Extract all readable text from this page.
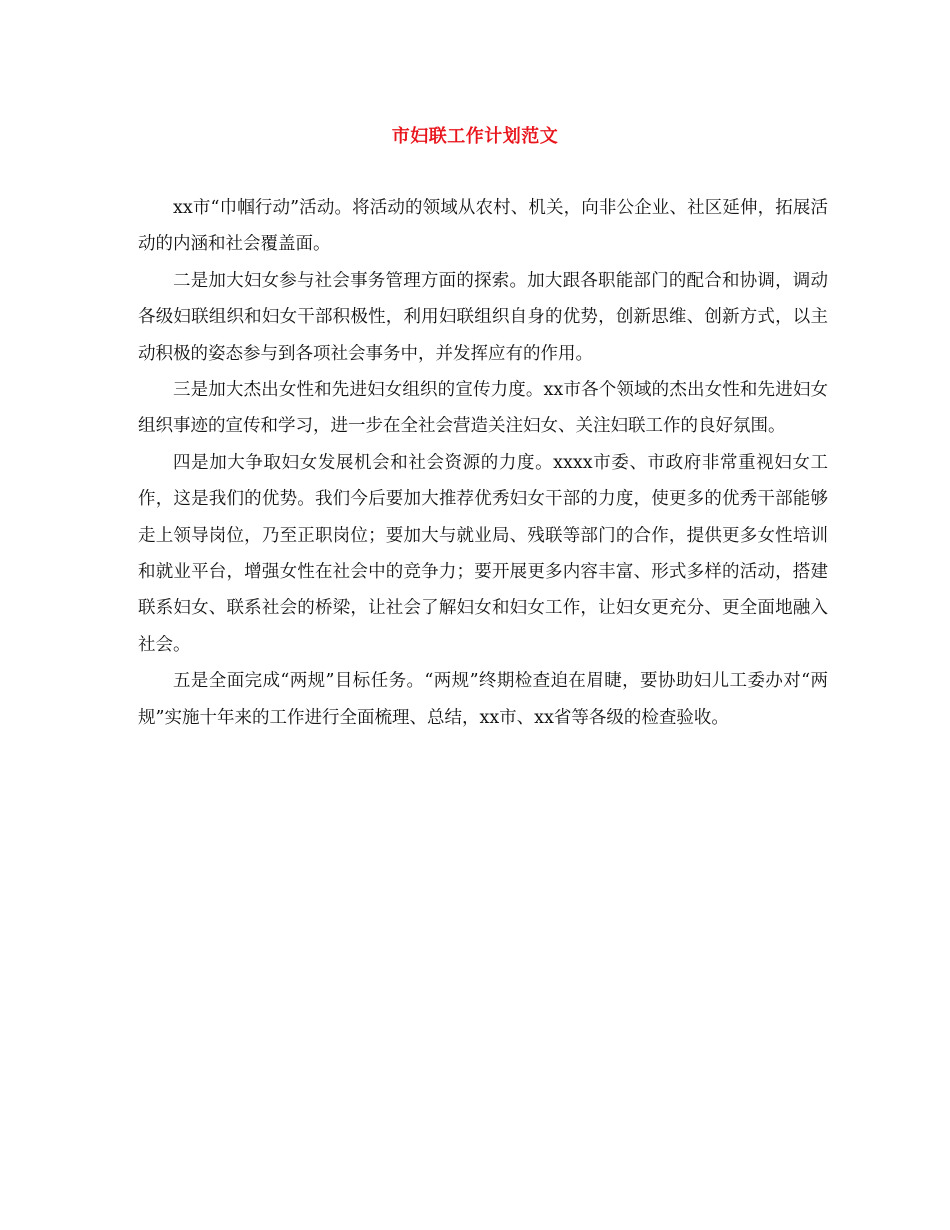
市妇联工作计划范文

xx市“巾帼行动”活动。将活动的领域从农村、机关，向非公企业、社区延伸，拓展活动的内涵和社会覆盖面。

二是加大妇女参与社会事务管理方面的探索。加大跟各职能部门的配合和协调，调动各级妇联组织和妇女干部积极性，利用妇联组织自身的优势，创新思维、创新方式，以主动积极的姿态参与到各项社会事务中，并发挥应有的作用。

三是加大杰出女性和先进妇女组织的宣传力度。xx市各个领域的杰出女性和先进妇女组织事迹的宣传和学习，进一步在全社会营造关注妇女、关注妇联工作的良好氛围。

四是加大争取妇女发展机会和社会资源的力度。xxxx市委、市政府非常重视妇女工作，这是我们的优势。我们今后要加大推荐优秀妇女干部的力度，使更多的优秀干部能够走上领导岗位，乃至正职岗位；要加大与就业局、残联等部门的合作，提供更多女性培训和就业平台，增强女性在社会中的竞争力；要开展更多内容丰富、形式多样的活动，搭建联系妇女、联系社会的桥梁，让社会了解妇女和妇女工作，让妇女更充分、更全面地融入社会。

五是全面完成“两规”目标任务。“两规”终期检查迫在眉睫，要协助妇儿工委办对“两规”实施十年来的工作进行全面梳理、总结，xx市、xx省等各级的检查验收。
